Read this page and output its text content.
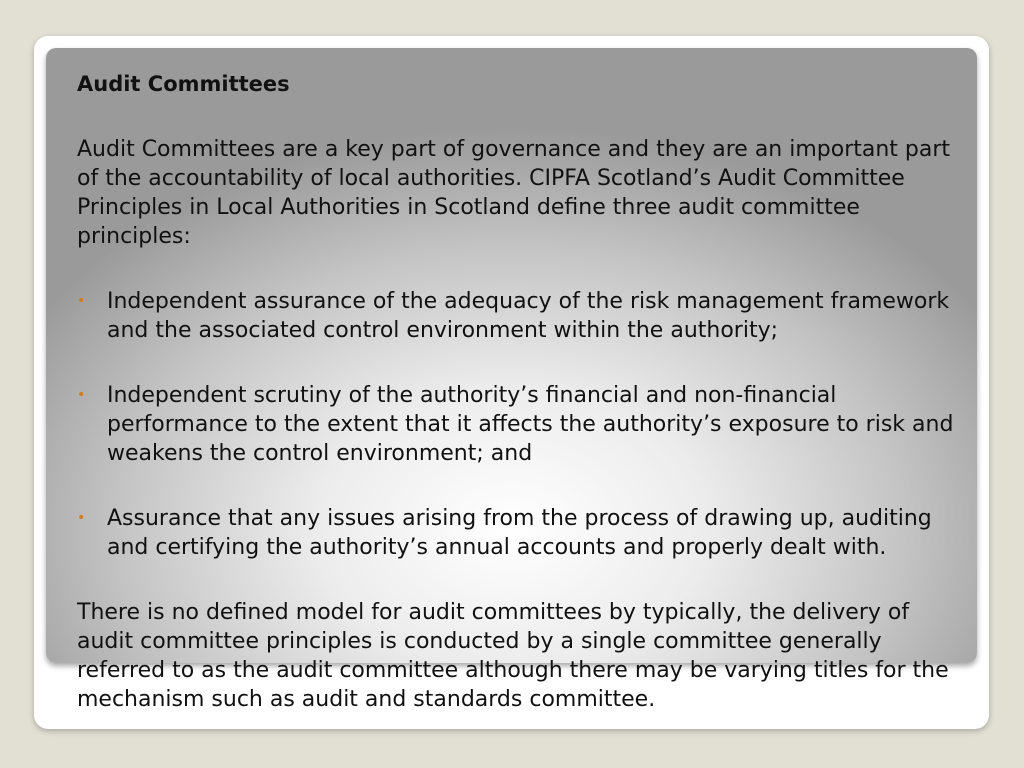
Audit Committees

Audit Committees are a key part of governance and they are an important part of the accountability of local authorities. CIPFA Scotland’s Audit Committee Principles in Local Authorities in Scotland define three audit committee principles:

• Independent assurance of the adequacy of the risk management framework and the associated control environment within the authority;
• Independent scrutiny of the authority’s financial and non-financial performance to the extent that it affects the authority’s exposure to risk and weakens the control environment; and
• Assurance that any issues arising from the process of drawing up, auditing and certifying the authority’s annual accounts and properly dealt with.

There is no defined model for audit committees by typically, the delivery of audit committee principles is conducted by a single committee generally referred to as the audit committee although there may be varying titles for the mechanism such as audit and standards committee.
